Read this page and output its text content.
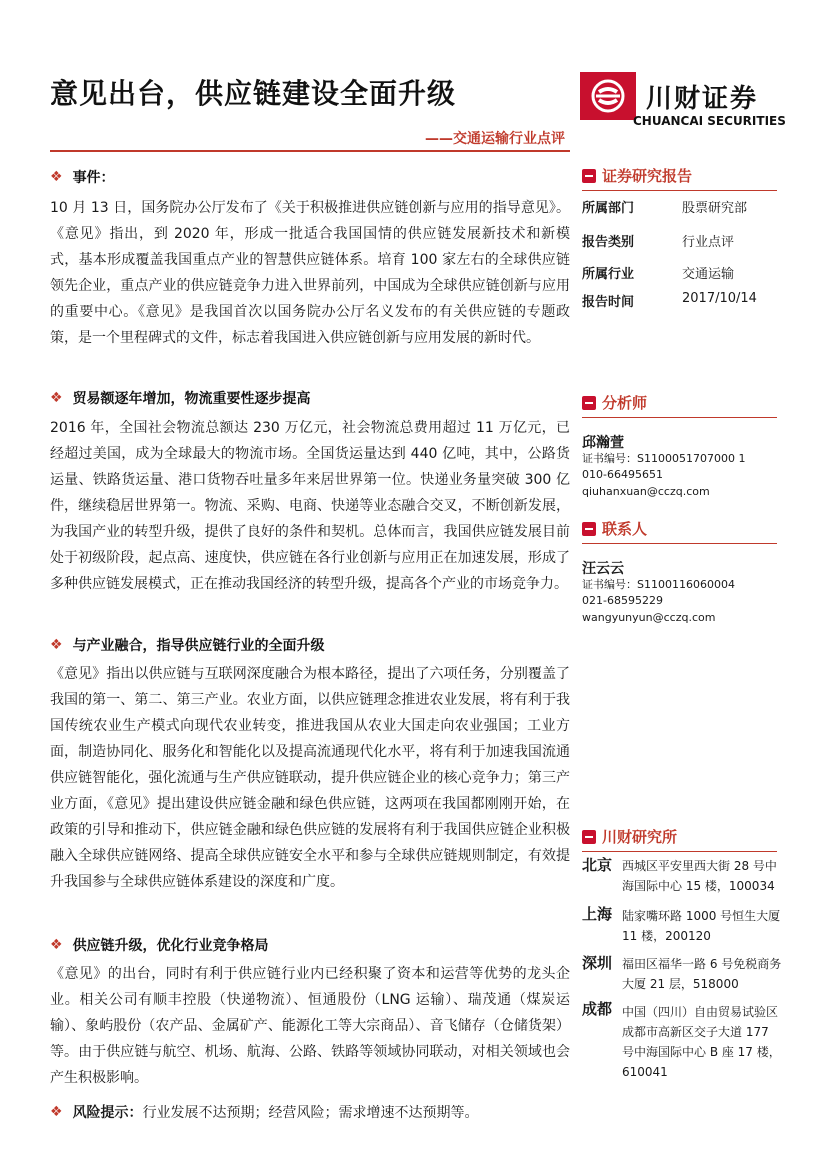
意见出台，供应链建设全面升级
——交通运输行业点评
川财证券
CHUANCAI SECURITIES
❖ 事件：

10 月 13 日，国务院办公厅发布了《关于积极推进供应链创新与应用的指导意见》。《意见》指出，到 2020 年，形成一批适合我国国情的供应链发展新技术和新模式，基本形成覆盖我国重点产业的智慧供应链体系。培育 100 家左右的全球供应链领先企业，重点产业的供应链竞争力进入世界前列，中国成为全球供应链创新与应用的重要中心。《意见》是我国首次以国务院办公厅名义发布的有关供应链的专题政策，是一个里程碑式的文件，标志着我国进入供应链创新与应用发展的新时代。

❖ 贸易额逐年增加，物流重要性逐步提高

2016 年，全国社会物流总额达 230 万亿元，社会物流总费用超过 11 万亿元，已经超过美国，成为全球最大的物流市场。全国货运量达到 440 亿吨，其中，公路货运量、铁路货运量、港口货物吞吐量多年来居世界第一位。快递业务量突破 300 亿件，继续稳居世界第一。物流、采购、电商、快递等业态融合交叉，不断创新发展，为我国产业的转型升级，提供了良好的条件和契机。总体而言，我国供应链发展目前处于初级阶段，起点高、速度快，供应链在各行业创新与应用正在加速发展，形成了多种供应链发展模式，正在推动我国经济的转型升级，提高各个产业的市场竞争力。

❖ 与产业融合，指导供应链行业的全面升级

《意见》指出以供应链与互联网深度融合为根本路径，提出了六项任务，分别覆盖了我国的第一、第二、第三产业。农业方面，以供应链理念推进农业发展，将有利于我国传统农业生产模式向现代农业转变，推进我国从农业大国走向农业强国；工业方面，制造协同化、服务化和智能化以及提高流通现代化水平，将有利于加速我国流通供应链智能化，强化流通与生产供应链联动，提升供应链企业的核心竞争力；第三产业方面，《意见》提出建设供应链金融和绿色供应链，这两项在我国都刚刚开始，在政策的引导和推动下，供应链金融和绿色供应链的发展将有利于我国供应链企业积极融入全球供应链网络、提高全球供应链安全水平和参与全球供应链规则制定，有效提升我国参与全球供应链体系建设的深度和广度。

❖ 供应链升级，优化行业竞争格局

《意见》的出台，同时有利于供应链行业内已经积聚了资本和运营等优势的龙头企业。相关公司有顺丰控股（快递物流）、恒通股份（LNG 运输）、瑞茂通（煤炭运输）、象屿股份（农产品、金属矿产、能源化工等大宗商品）、音飞储存（仓储货架）等。由于供应链与航空、机场、航海、公路、铁路等领域协同联动，对相关领域也会产生积极影响。

❖ 风险提示： 行业发展不达预期；经营风险；需求增速不达预期等。
证券研究报告
所属部门	股票研究部
报告类别	行业点评
所属行业	交通运输
报告时间	2017/10/14
分析师
邱瀚萱
证书编号：S1100051707000 1
010-66495651
qiuhanxuan@cczq.com
联系人
汪云云
证书编号：S1100116060004
021-68595229
wangyunyun@cczq.com
川财研究所
北京 西城区平安里西大街 28 号中海国际中心 15 楼，100034
上海 陆家嘴环路 1000 号恒生大厦 11 楼，200120
深圳 福田区福华一路 6 号免税商务大厦 21 层，518000
成都 中国（四川）自由贸易试验区成都市高新区交子大道 177 号中海国际中心 B 座 17 楼，610041
